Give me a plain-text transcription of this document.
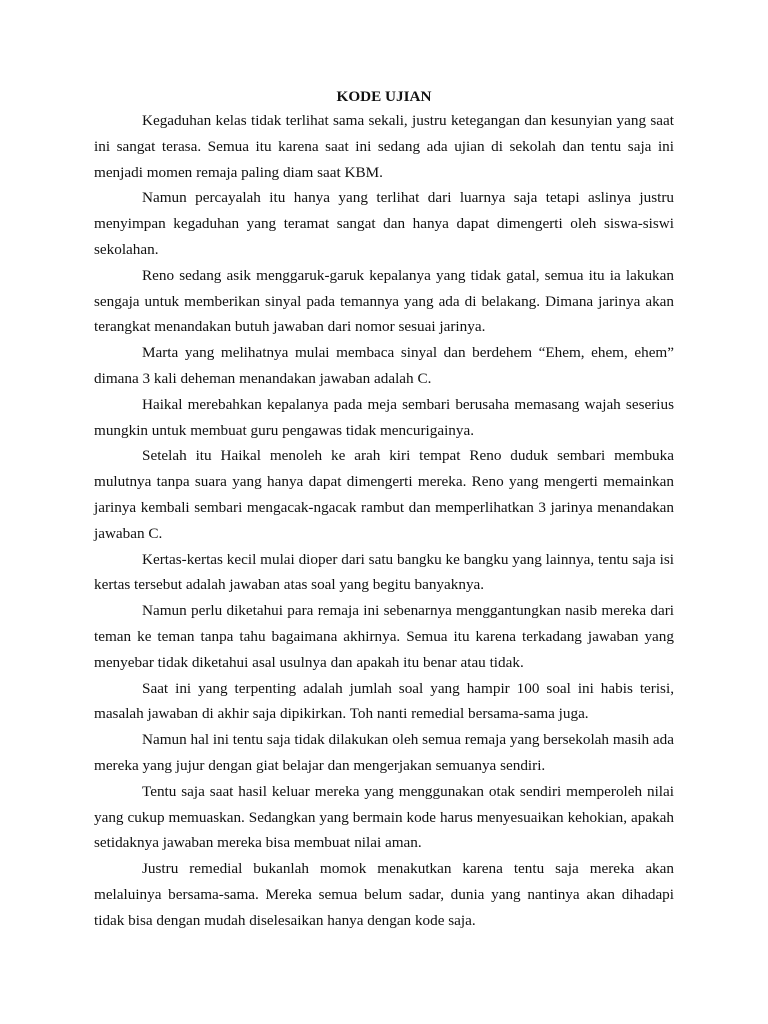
KODE UJIAN

Kegaduhan kelas tidak terlihat sama sekali, justru ketegangan dan kesunyian yang saat ini sangat terasa. Semua itu karena saat ini sedang ada ujian di sekolah dan tentu saja ini menjadi momen remaja paling diam saat KBM.

Namun percayalah itu hanya yang terlihat dari luarnya saja tetapi aslinya justru menyimpan kegaduhan yang teramat sangat dan hanya dapat dimengerti oleh siswa-siswi sekolahan.

Reno sedang asik menggaruk-garuk kepalanya yang tidak gatal, semua itu ia lakukan sengaja untuk memberikan sinyal pada temannya yang ada di belakang. Dimana jarinya akan terangkat menandakan butuh jawaban dari nomor sesuai jarinya.

Marta yang melihatnya mulai membaca sinyal dan berdehem “Ehem, ehem, ehem” dimana 3 kali deheman menandakan jawaban adalah C.

Haikal merebahkan kepalanya pada meja sembari berusaha memasang wajah seserius mungkin untuk membuat guru pengawas tidak mencurigainya.

Setelah itu Haikal menoleh ke arah kiri tempat Reno duduk sembari membuka mulutnya tanpa suara yang hanya dapat dimengerti mereka. Reno yang mengerti memainkan jarinya kembali sembari mengacak-ngacak rambut dan memperlihatkan 3 jarinya menandakan jawaban C.

Kertas-kertas kecil mulai dioper dari satu bangku ke bangku yang lainnya, tentu saja isi kertas tersebut adalah jawaban atas soal yang begitu banyaknya.

Namun perlu diketahui para remaja ini sebenarnya menggantungkan nasib mereka dari teman ke teman tanpa tahu bagaimana akhirnya. Semua itu karena terkadang jawaban yang menyebar tidak diketahui asal usulnya dan apakah itu benar atau tidak.

Saat ini yang terpenting adalah jumlah soal yang hampir 100 soal ini habis terisi, masalah jawaban di akhir saja dipikirkan. Toh nanti remedial bersama-sama juga.

Namun hal ini tentu saja tidak dilakukan oleh semua remaja yang bersekolah masih ada mereka yang jujur dengan giat belajar dan mengerjakan semuanya sendiri.

Tentu saja saat hasil keluar mereka yang menggunakan otak sendiri memperoleh nilai yang cukup memuaskan. Sedangkan yang bermain kode harus menyesuaikan kehokian, apakah setidaknya jawaban mereka bisa membuat nilai aman.

Justru remedial bukanlah momok menakutkan karena tentu saja mereka akan melaluinya bersama-sama. Mereka semua belum sadar, dunia yang nantinya akan dihadapi tidak bisa dengan mudah diselesaikan hanya dengan kode saja.
